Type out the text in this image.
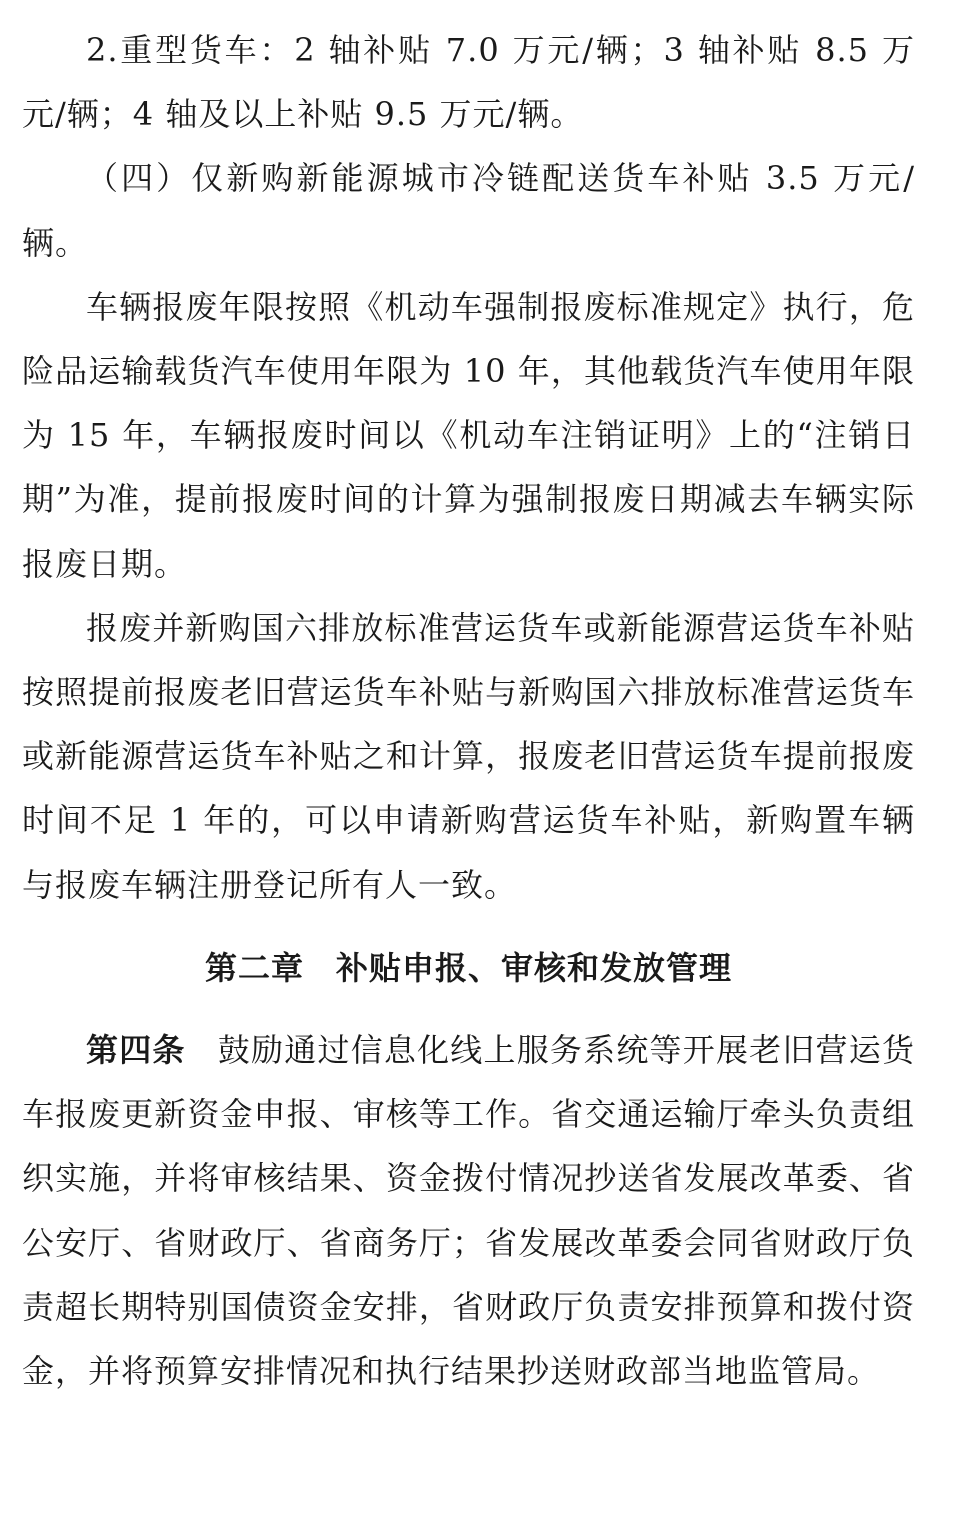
2.重型货车：2 轴补贴 7.0 万元/辆；3 轴补贴 8.5 万元/辆；4 轴及以上补贴 9.5 万元/辆。

（四）仅新购新能源城市冷链配送货车补贴 3.5 万元/辆。

车辆报废年限按照《机动车强制报废标准规定》执行，危险品运输载货汽车使用年限为 10 年，其他载货汽车使用年限为 15 年，车辆报废时间以《机动车注销证明》上的“注销日期”为准，提前报废时间的计算为强制报废日期减去车辆实际报废日期。

报废并新购国六排放标准营运货车或新能源营运货车补贴按照提前报废老旧营运货车补贴与新购国六排放标准营运货车或新能源营运货车补贴之和计算，报废老旧营运货车提前报废时间不足 1 年的，可以申请新购营运货车补贴，新购置车辆与报废车辆注册登记所有人一致。

第二章 补贴申报、审核和发放管理

第四条 鼓励通过信息化线上服务系统等开展老旧营运货车报废更新资金申报、审核等工作。省交通运输厅牵头负责组织实施，并将审核结果、资金拨付情况抄送省发展改革委、省公安厅、省财政厅、省商务厅；省发展改革委会同省财政厅负责超长期特别国债资金安排，省财政厅负责安排预算和拨付资金，并将预算安排情况和执行结果抄送财政部当地监管局。
